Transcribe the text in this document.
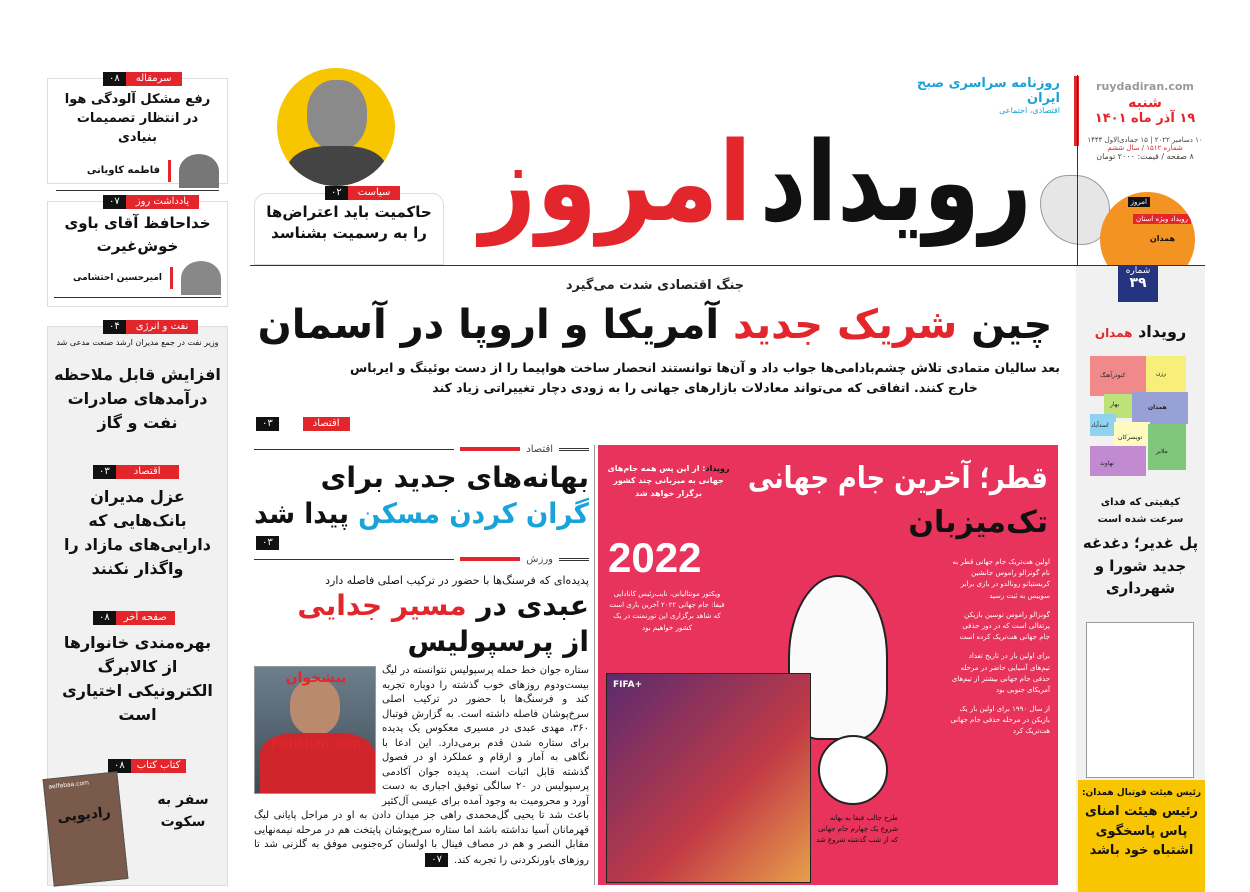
رویداد
امروز
روزنامه سراسری صبح ایران
اقتصادی، اجتماعی
ruydadiran.com
شنبه
۱۹ آذر ماه ۱۴۰۱
۱۰ دسامبر ۲۰۲۲ | ۱۵ جمادی‌الاول ۱۴۴۴
شماره ۱۵۱۲ / سال ششم
۸ صفحه / قیمت: ۲۰۰۰ تومان
امروز
رویداد ویژه استان
همدان
۰۲	سیاست
حاکمیت باید اعتراض‌ها را به رسمیت بشناسد
جنگ اقتصادی شدت می‌گیرد
چین شریک جدید آمریکا و اروپا در آسمان
بعد سالیان متمادی تلاش چشم‌بادامی‌ها جواب داد و آن‌ها توانستند انحصار ساخت هواپیما را از دست بوئینگ و ایرباس خارج کنند. اتفاقی که می‌تواند معادلات بازارهای جهانی را به زودی دچار تغییراتی زیاد کند
۰۳	اقتصاد
اقتصاد
بهانه‌های جدید برای
گران کردن مسکن پیدا شد
۰۳
ورزش
پدیده‌ای که فرسنگ‌ها با حضور در ترکیب اصلی فاصله دارد
عبدی در مسیر جدایی
از پرسپولیس
پیشخوان
Pishkhan.com
ستاره جوان خط حمله پرسپولیس نتوانسته در لیگ بیست‌ودوم روزهای خوب گذشته را دوباره تجربه کند و فرسنگ‌ها با حضور در ترکیب اصلی سرخ‌پوشان فاصله داشته است. به گزارش فوتبال ۳۶۰، مهدی عبدی در مسیری معکوس یک پدیده برای ستاره شدن قدم برمی‌دارد. این ادعا با نگاهی به آمار و ارقام و عملکرد او در فصول گذشته قابل اثبات است. پدیده جوان آکادمی پرسپولیس در ۲۰ سالگی توفیق اجباری به دست آورد و محرومیت به وجود آمده برای عیسی آل‌کثیر باعث شد تا یحیی گل‌محمدی راهی جز میدان دادن به او در مراحل پایانی لیگ قهرمانان آسیا نداشته باشد اما ستاره سرخ‌پوشان پایتخت هم در مرحله نیمه‌نهایی مقابل النصر و هم در مصاف فینال با اولسان کره‌جنوبی موفق به گلزنی شد تا روزهای باورنکردنی را تجربه کند.
۰۷
FIFA+
قطر؛ آخرین جام جهانی
تک‌میزبان
رویداد: از این پس همه جام‌های جهانی به میزبانی چند کشور برگزار خواهد شد
2022
ویکتور مونتالیانی، نایب‌رئیس کانادایی فیفا: جام جهانی ۲۰۲۲ آخرین باری است که شاهد برگزاری این تورنمنت در یک کشور خواهیم بود

اولین هت‌تریک جام جهانی قطر به نام گونزالو راموس جانشین کریستیانو رونالدو در بازی برابر سوییس به ثبت رسید

گونزالو راموس نوسین بازیکن پرتغالی است که در دور حذفی جام جهانی هت‌تریک کرده است

برای اولین بار در تاریخ تعداد تیم‌های آسیایی حاضر در مرحله حذفی جام جهانی بیشتر از تیم‌های آمریکای جنوبی بود

از سال ۱۹۹۰ برای اولین بار یک بازیکن در مرحله حذفی جام جهانی هت‌تریک کرد

طرح جالب فیفا به بهانه شروع یک چهارم جام جهانی که از شب گذشته شروع شد
۰۸	سرمقاله
رفع مشکل آلودگی هوا در انتظار تصمیمات بنیادی
فاطمه کاویانی
۰۷	یادداشت روز
خداحافظ آقای باوی خوش‌غیرت
امیرحسین احتشامی
۰۴	نفت و انرژی
وزیر نفت در جمع مدیران ارشد صنعت مدعی شد
افزایش قابل ملاحظه درآمدهای صادرات نفت و گاز
۰۳	اقتصاد
عزل مدیران بانک‌هایی که دارایی‌های مازاد را واگذار نکنند
۰۸	صفحه آخر
بهره‌مندی خانوارها از کالابرگ الکترونیکی اختیاری است
۰۸	کتاب کتاب
سفر به سکوت
aelfabaa.com
رادیویی
شماره
۳۹
رویداد همدان
رزن
کبودرآهنگ
بهار	همدان
اسدآباد
تویسرکان
ملایر
نهاوند
کیفیتی که فدای سرعت شده است
پل غدیر؛ دغدغه جدید شورا و شهرداری
رئیس هیئت فوتبال همدان:
رئیس هیئت امنای پاس پاسخگوی اشتباه خود باشد
